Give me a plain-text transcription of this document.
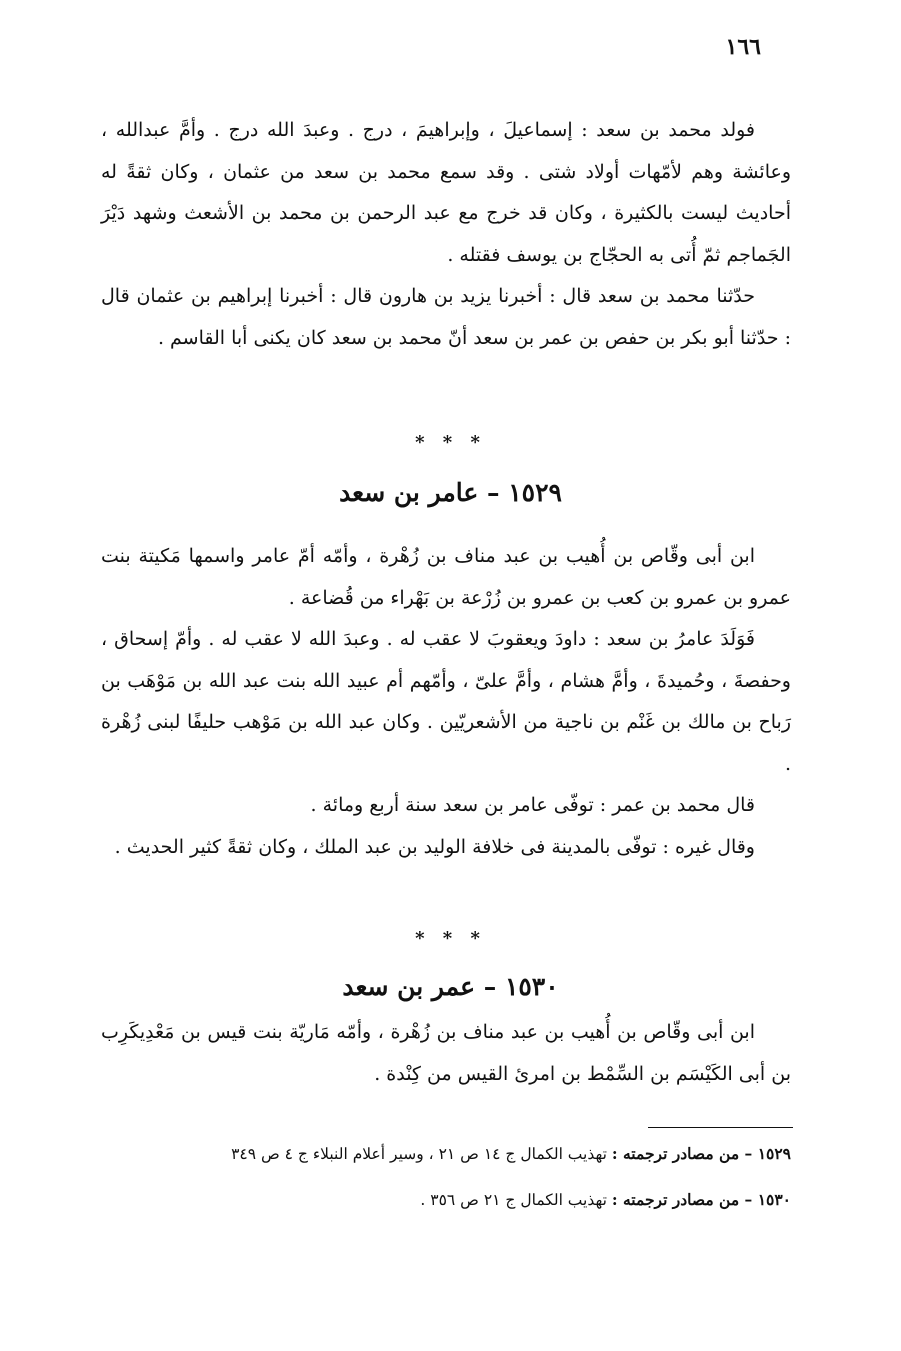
١٦٦

فولد محمد بن سعد : إسماعيلَ ، وإبراهيمَ ، درج . وعبدَ الله درج . وأمَّ عبدالله ، وعائشة وهم لأمّهات أولاد شتى . وقد سمع محمد بن سعد من عثمان ، وكان ثقةً له أحاديث ليست بالكثيرة ، وكان قد خرج مع عبد الرحمن بن محمد بن الأشعث وشهد دَيْرَ الجَماجم ثمّ أُتى به الحجّاج بن يوسف فقتله .

حدّثنا محمد بن سعد قال : أخبرنا يزيد بن هارون قال : أخبرنا إبراهيم بن عثمان قال : حدّثنا أبو بكر بن حفص بن عمر بن سعد أنّ محمد بن سعد كان يكنى أبا القاسم .

* * *
١٥٢٩ – عامر بن سعد

ابن أبى وقّاص بن أُهيب بن عبد مناف بن زُهْرة ، وأمّه أمّ عامر واسمها مَكيتة بنت عمرو بن عمرو بن كعب بن عمرو بن زُرْعة بن بَهْراء من قُضاعة .

فَوَلَدَ عامرُ بن سعد : داودَ ويعقوبَ لا عقب له . وعبدَ الله لا عقب له . وأمّ إسحاق ، وحفصةَ ، وحُميدةَ ، وأمَّ هشام ، وأمَّ علىّ ، وأمّهم أم عبيد الله بنت عبد الله بن مَوْهَب بن رَباح بن مالك بن غَنْم بن ناجية من الأشعريّين . وكان عبد الله بن مَوْهب حليفًا لبنى زُهْرة .

قال محمد بن عمر : توفّى عامر بن سعد سنة أربع ومائة .

وقال غيره : توفّى بالمدينة فى خلافة الوليد بن عبد الملك ، وكان ثقةً كثير الحديث .

* * *
١٥٣٠ – عمر بن سعد

ابن أبى وقّاص بن أُهيب بن عبد مناف بن زُهْرة ، وأمّه مَاريّة بنت قيس بن مَعْدِيكَرِب بن أبى الكَيْسَم بن السِّمْط بن امرئ القيس من كِنْدة .

١٥٢٩ – من مصادر ترجمته : تهذيب الكمال ج ١٤ ص ٢١ ، وسير أعلام النبلاء ج ٤ ص ٣٤٩

١٥٣٠ – من مصادر ترجمته : تهذيب الكمال ج ٢١ ص ٣٥٦ .
